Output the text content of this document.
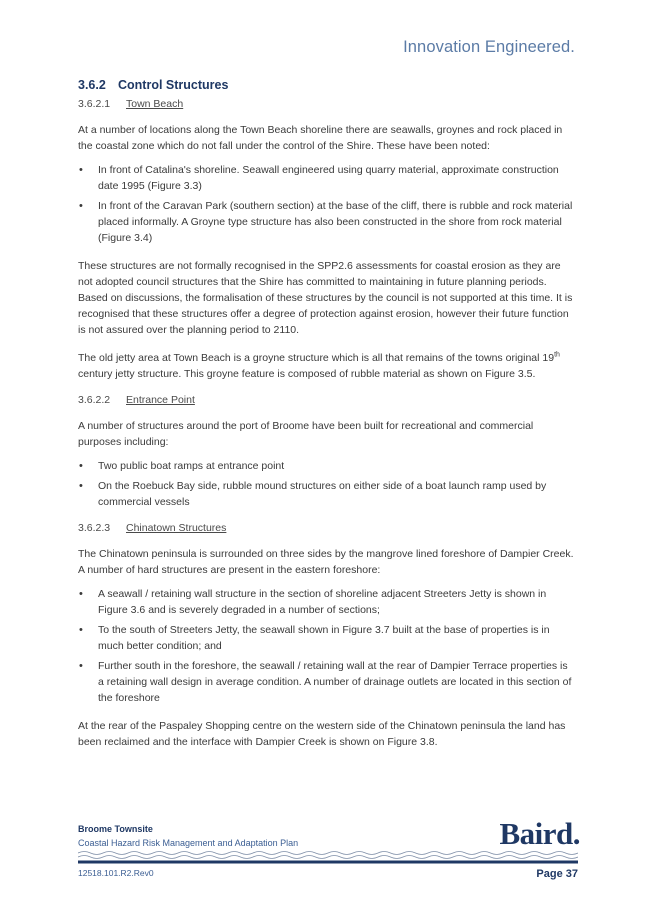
Innovation Engineered.
3.6.2 Control Structures
3.6.2.1 Town Beach

At a number of locations along the Town Beach shoreline there are seawalls, groynes and rock placed in the coastal zone which do not fall under the control of the Shire. These have been noted:

• In front of Catalina's shoreline. Seawall engineered using quarry material, approximate construction date 1995 (Figure 3.3)
• In front of the Caravan Park (southern section) at the base of the cliff, there is rubble and rock material placed informally. A Groyne type structure has also been constructed in the shore from rock material (Figure 3.4)

These structures are not formally recognised in the SPP2.6 assessments for coastal erosion as they are not adopted council structures that the Shire has committed to maintaining in future planning periods. Based on discussions, the formalisation of these structures by the council is not supported at this time. It is recognised that these structures offer a degree of protection against erosion, however their future function is not assured over the planning period to 2110.

The old jetty area at Town Beach is a groyne structure which is all that remains of the towns original 19th century jetty structure. This groyne feature is composed of rubble material as shown on Figure 3.5.

3.6.2.2 Entrance Point

A number of structures around the port of Broome have been built for recreational and commercial purposes including:

• Two public boat ramps at entrance point
• On the Roebuck Bay side, rubble mound structures on either side of a boat launch ramp used by commercial vessels
3.6.2.3 Chinatown Structures

The Chinatown peninsula is surrounded on three sides by the mangrove lined foreshore of Dampier Creek. A number of hard structures are present in the eastern foreshore:

• A seawall / retaining wall structure in the section of shoreline adjacent Streeters Jetty is shown in Figure 3.6 and is severely degraded in a number of sections;
• To the south of Streeters Jetty, the seawall shown in Figure 3.7 built at the base of properties is in much better condition; and
• Further south in the foreshore, the seawall / retaining wall at the rear of Dampier Terrace properties is a retaining wall design in average condition. A number of drainage outlets are located in this section of the foreshore

At the rear of the Paspaley Shopping centre on the western side of the Chinatown peninsula the land has been reclaimed and the interface with Dampier Creek is shown on Figure 3.8.

Broome Townsite
Coastal Hazard Risk Management and Adaptation Plan	Baird.
12518.101.R2.Rev0	Page 37
